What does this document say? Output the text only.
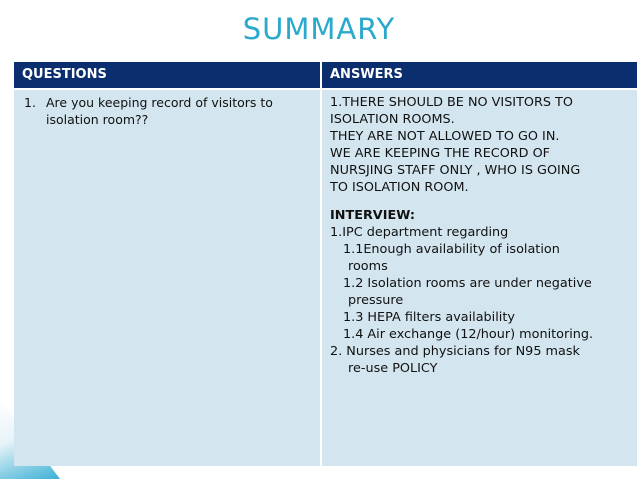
SUMMARY
QUESTIONS	ANSWERS
1. Are you keeping record of visitors to isolation room??
1.THERE SHOULD BE NO VISITORS TO
ISOLATION ROOMS.
THEY ARE NOT ALLOWED TO GO IN.
WE ARE KEEPING THE RECORD OF
NURSJING STAFF ONLY , WHO IS GOING
TO ISOLATION ROOM.
INTERVIEW:
1.IPC department regarding
1.1Enough availability of isolation
rooms
1.2 Isolation rooms are under negative
pressure
1.3 HEPA filters availability
1.4 Air exchange (12/hour) monitoring.
2. Nurses and physicians for N95 mask
re-use POLICY
